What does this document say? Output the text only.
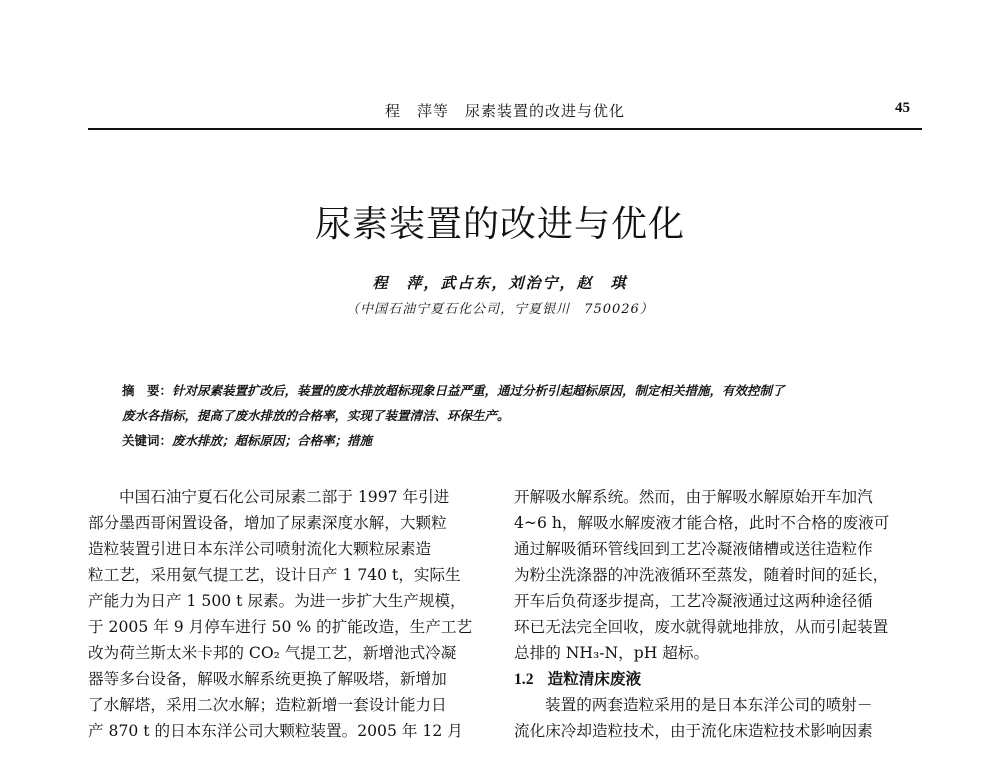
程　萍等　尿素装置的改进与优化	45
尿素装置的改进与优化
程　萍，武占东，刘治宁，赵　琪
（中国石油宁夏石化公司，宁夏银川　750026）
摘　要：针对尿素装置扩改后，装置的废水排放超标现象日益严重，通过分析引起超标原因，制定相关措施，有效控制了
废水各指标，提高了废水排放的合格率，实现了装置清洁、环保生产。
关键词：废水排放；超标原因；合格率；措施
中国石油宁夏石化公司尿素二部于 1997 年引进
部分墨西哥闲置设备，增加了尿素深度水解，大颗粒
造粒装置引进日本东洋公司喷射流化大颗粒尿素造
粒工艺，采用氨气提工艺，设计日产 1 740 t，实际生
产能力为日产 1 500 t 尿素。为进一步扩大生产规模，
于 2005 年 9 月停车进行 50 % 的扩能改造，生产工艺
改为荷兰斯太米卡邦的 CO₂ 气提工艺，新增池式冷凝
器等多台设备，解吸水解系统更换了解吸塔，新增加
了水解塔，采用二次水解；造粒新增一套设计能力日
产 870 t 的日本东洋公司大颗粒装置。2005 年 12 月
开解吸水解系统。然而，由于解吸水解原始开车加汽
4~6 h，解吸水解废液才能合格，此时不合格的废液可
通过解吸循环管线回到工艺冷凝液储槽或送往造粒作
为粉尘洗涤器的冲洗液循环至蒸发，随着时间的延长，
开车后负荷逐步提高，工艺冷凝液通过这两种途径循
环已无法完全回收，废水就得就地排放，从而引起装置
总排的 NH₃-N，pH 超标。
1.2 造粒清床废液
装置的两套造粒采用的是日本东洋公司的喷射－
流化床冷却造粒技术，由于流化床造粒技术影响因素
